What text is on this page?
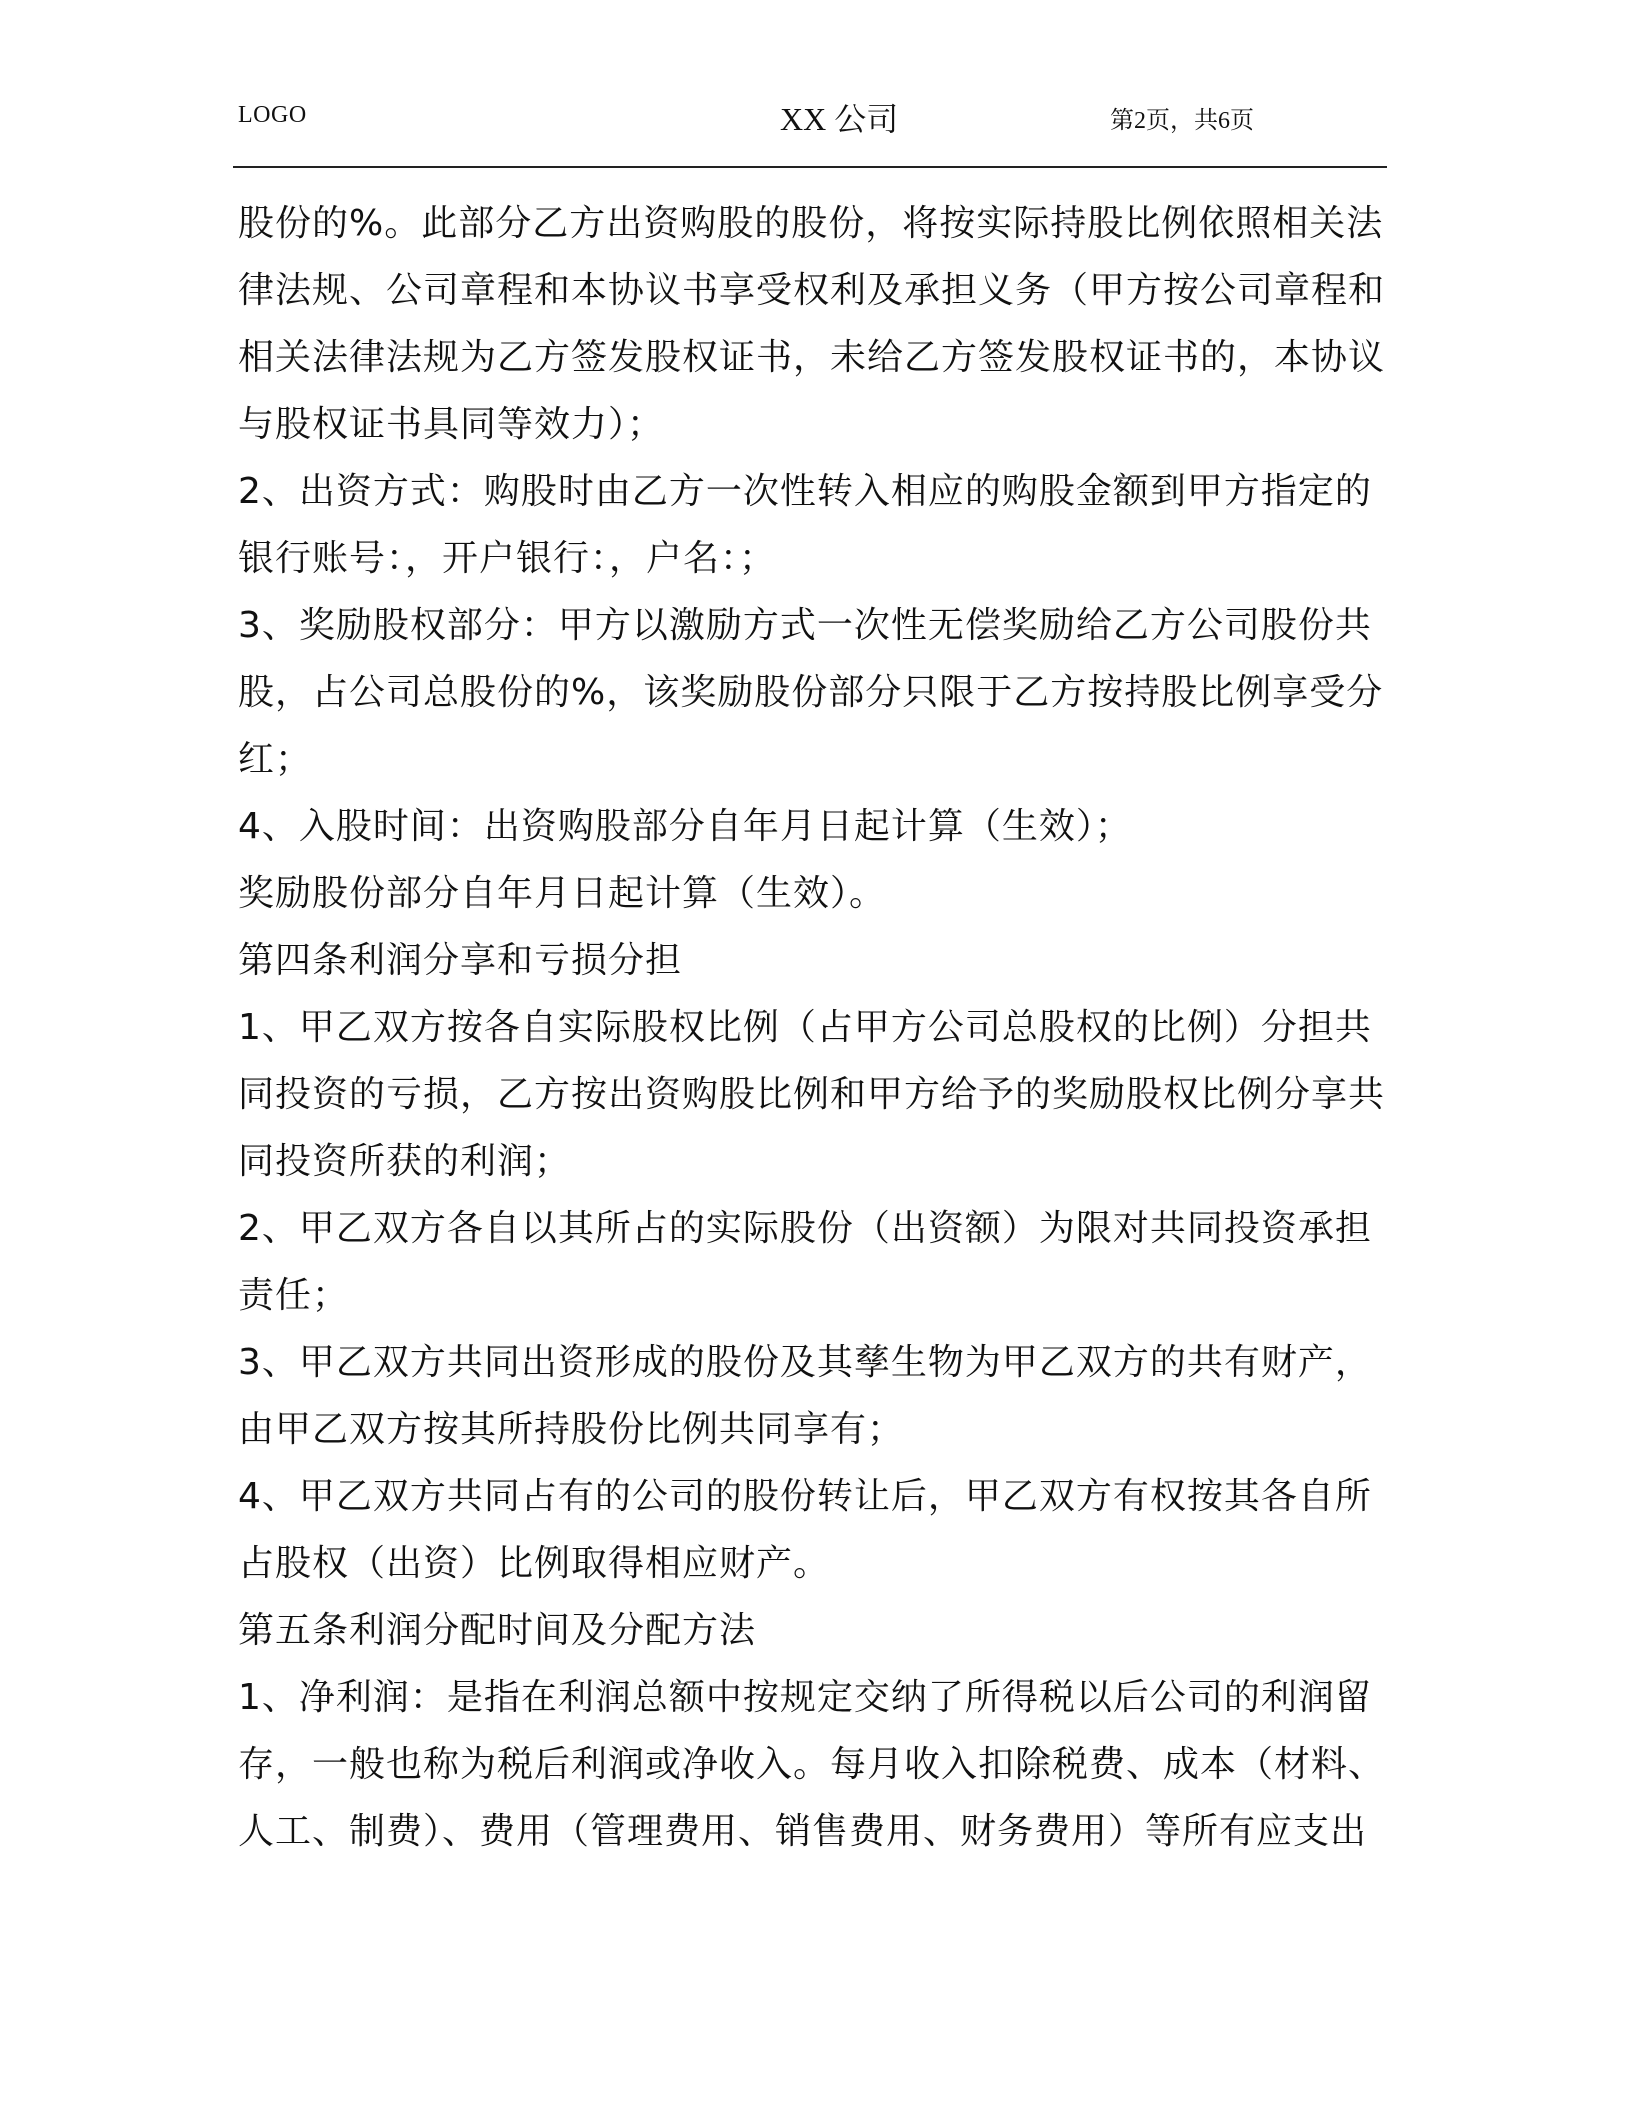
LOGO	XX 公司	第2页，共6页
股份的%。此部分乙方出资购股的股份，将按实际持股比例依照相关法
律法规、公司章程和本协议书享受权利及承担义务（甲方按公司章程和
相关法律法规为乙方签发股权证书，未给乙方签发股权证书的，本协议
与股权证书具同等效力）；
2、出资方式：购股时由乙方一次性转入相应的购股金额到甲方指定的
银行账号：，开户银行：，户名：；
3、奖励股权部分：甲方以激励方式一次性无偿奖励给乙方公司股份共
股，占公司总股份的%，该奖励股份部分只限于乙方按持股比例享受分
红；
4、入股时间：出资购股部分自年月日起计算（生效）；
奖励股份部分自年月日起计算（生效）。
第四条利润分享和亏损分担
1、甲乙双方按各自实际股权比例（占甲方公司总股权的比例）分担共
同投资的亏损，乙方按出资购股比例和甲方给予的奖励股权比例分享共
同投资所获的利润；
2、甲乙双方各自以其所占的实际股份（出资额）为限对共同投资承担
责任；
3、甲乙双方共同出资形成的股份及其孳生物为甲乙双方的共有财产，
由甲乙双方按其所持股份比例共同享有；
4、甲乙双方共同占有的公司的股份转让后，甲乙双方有权按其各自所
占股权（出资）比例取得相应财产。
第五条利润分配时间及分配方法
1、净利润：是指在利润总额中按规定交纳了所得税以后公司的利润留
存，一般也称为税后利润或净收入。每月收入扣除税费、成本（材料、
人工、制费）、费用（管理费用、销售费用、财务费用）等所有应支出
